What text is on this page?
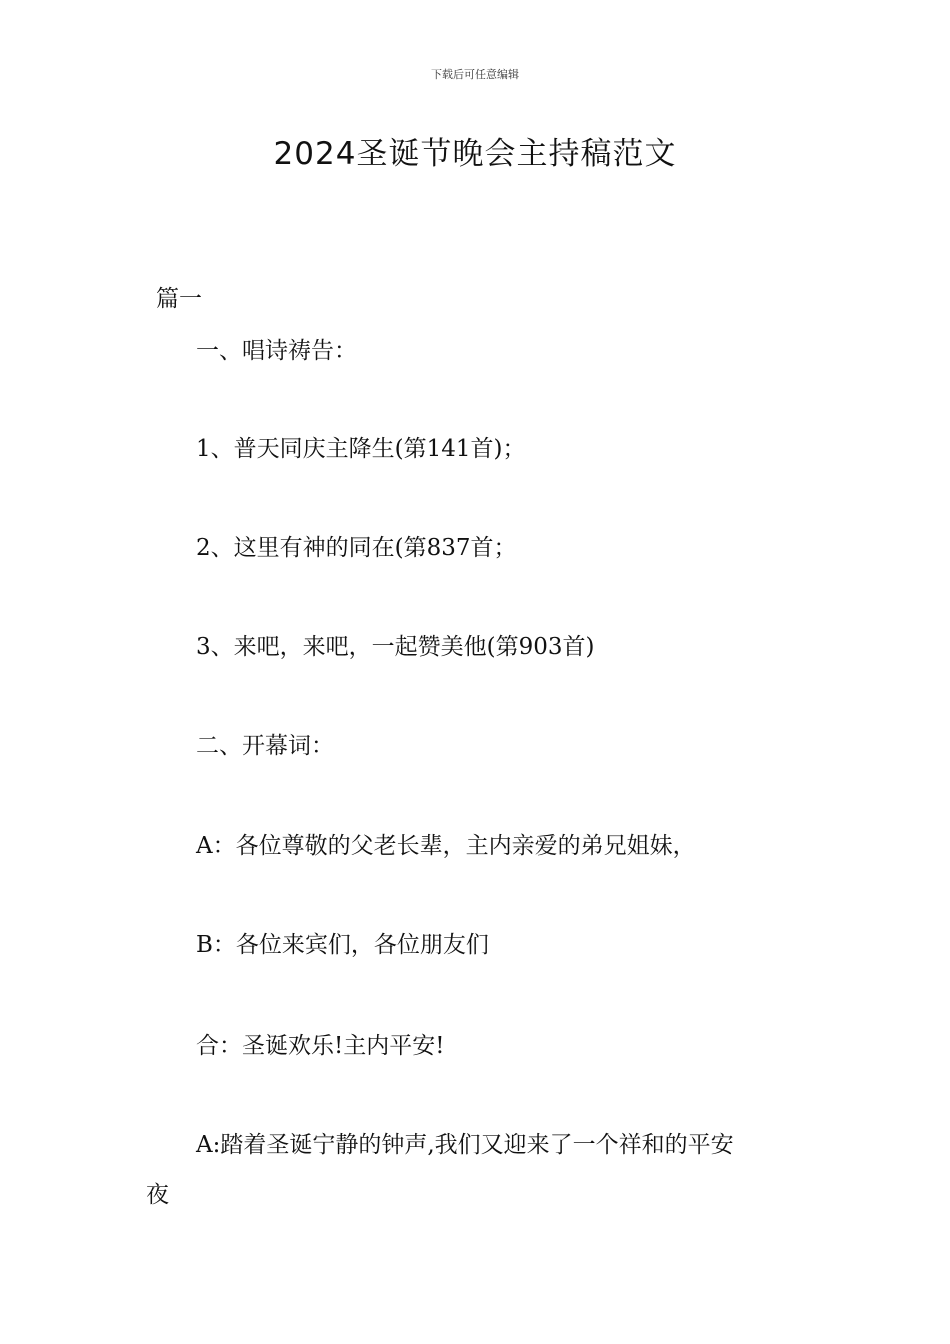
下载后可任意编辑
2024圣诞节晚会主持稿范文
篇一
一、唱诗祷告：
1、普天同庆主降生(第141首)；
2、这里有神的同在(第837首；
3、来吧，来吧，一起赞美他(第903首)
二、开幕词：
A：各位尊敬的父老长辈，主内亲爱的弟兄姐妹，
B：各位来宾们，各位朋友们
合：圣诞欢乐!主内平安!
A:踏着圣诞宁静的钟声,我们又迎来了一个祥和的平安
夜
